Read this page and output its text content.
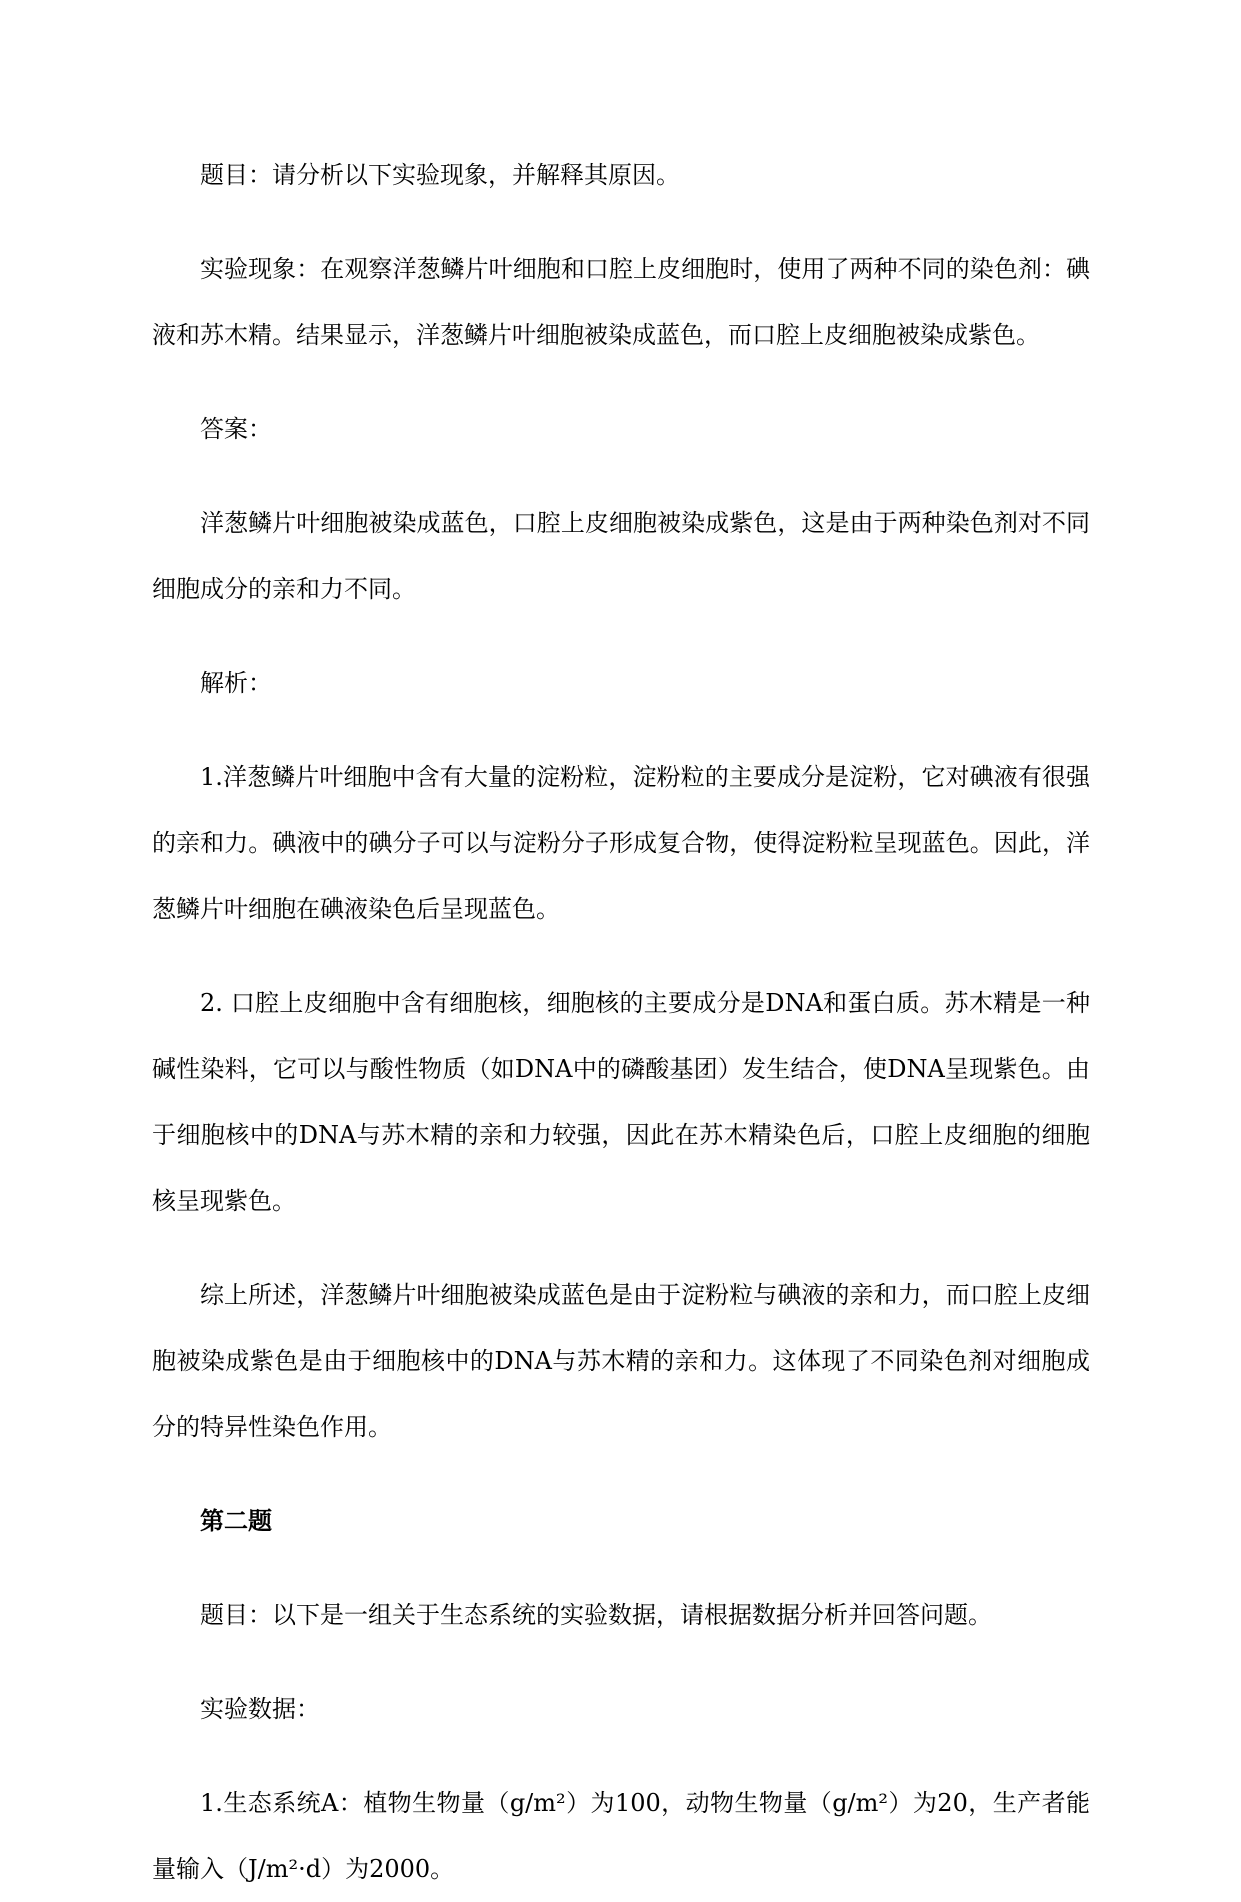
题目：请分析以下实验现象，并解释其原因。

实验现象：在观察洋葱鳞片叶细胞和口腔上皮细胞时，使用了两种不同的染色剂：碘液和苏木精。结果显示，洋葱鳞片叶细胞被染成蓝色，而口腔上皮细胞被染成紫色。

答案：

洋葱鳞片叶细胞被染成蓝色，口腔上皮细胞被染成紫色，这是由于两种染色剂对不同细胞成分的亲和力不同。

解析：

1.洋葱鳞片叶细胞中含有大量的淀粉粒，淀粉粒的主要成分是淀粉，它对碘液有很强的亲和力。碘液中的碘分子可以与淀粉分子形成复合物，使得淀粉粒呈现蓝色。因此，洋葱鳞片叶细胞在碘液染色后呈现蓝色。

2. 口腔上皮细胞中含有细胞核，细胞核的主要成分是DNA和蛋白质。苏木精是一种碱性染料，它可以与酸性物质（如DNA中的磷酸基团）发生结合，使DNA呈现紫色。由于细胞核中的DNA与苏木精的亲和力较强，因此在苏木精染色后，口腔上皮细胞的细胞核呈现紫色。

综上所述，洋葱鳞片叶细胞被染成蓝色是由于淀粉粒与碘液的亲和力，而口腔上皮细胞被染成紫色是由于细胞核中的DNA与苏木精的亲和力。这体现了不同染色剂对细胞成分的特异性染色作用。

第二题

题目：以下是一组关于生态系统的实验数据，请根据数据分析并回答问题。

实验数据：

1.生态系统A：植物生物量（g/m²）为100，动物生物量（g/m²）为20，生产者能量输入（J/m²·d）为2000。
